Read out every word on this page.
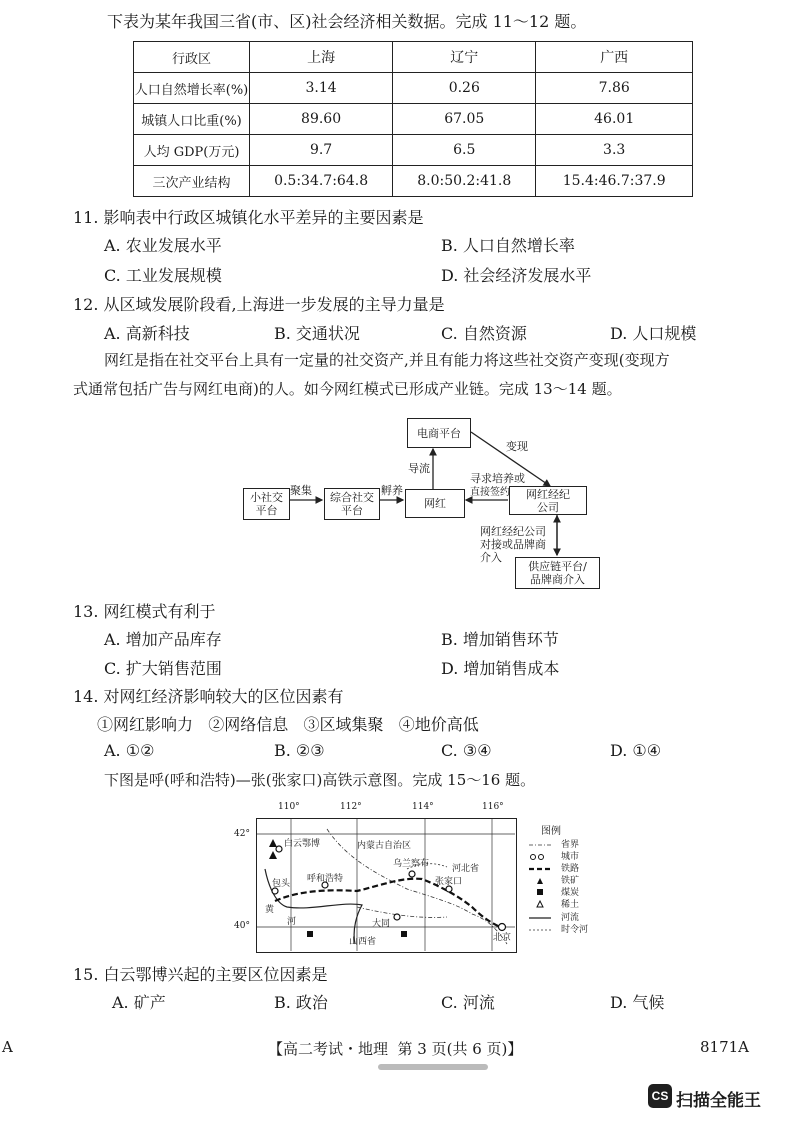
下表为某年我国三省(市、区)社会经济相关数据。完成 11～12 题。
行政区	上海	辽宁	广西
人口自然增长率(%)	3.14	0.26	7.86
城镇人口比重(%)	89.60	67.05	46.01
人均 GDP(万元)	9.7	6.5	3.3
三次产业结构	0.5:34.7:64.8	8.0:50.2:41.8	15.4:46.7:37.9
11. 影响表中行政区城镇化水平差异的主要因素是
A. 农业发展水平	B. 人口自然增长率
C. 工业发展规模	D. 社会经济发展水平
12. 从区域发展阶段看,上海进一步发展的主导力量是
A. 高新科技	B. 交通状况	C. 自然资源	D. 人口规模
网红是指在社交平台上具有一定量的社交资产,并且有能力将这些社交资产变现(变现方
式通常包括广告与网红电商)的人。如今网红模式已形成产业链。完成 13～14 题。
电商平台
小社交
平台
综合社交
平台
网红
网红经纪
公司
供应链平台/
品牌商介入
聚集	孵养
导流
变现
寻求培养或
直接签约
网红经纪公司
对接或品牌商
介入
13. 网红模式有利于
A. 增加产品库存	B. 增加销售环节
C. 扩大销售范围	D. 增加销售成本
14. 对网红经济影响较大的区位因素有
①网红影响力   ②网络信息   ③区域集聚   ④地价高低
A. ①②	B. ②③	C. ③④	D. ①④
下图是呼(呼和浩特)—张(张家口)高铁示意图。完成 15～16 题。
110°	112°	114°	116°
42°
40°
白云鄂博	内蒙古自治区
包头 呼和浩特
乌兰察布	河北省
张家口
黄
河	大同
山西省	北京
图例
省界
城市
铁路
铁矿
煤炭
稀土
河流
时令河
15. 白云鄂博兴起的主要区位因素是
A. 矿产	B. 政治	C. 河流	D. 气候
A	【高二考试・地理  第 3 页(共 6 页)】	8171A
CS 扫描全能王
